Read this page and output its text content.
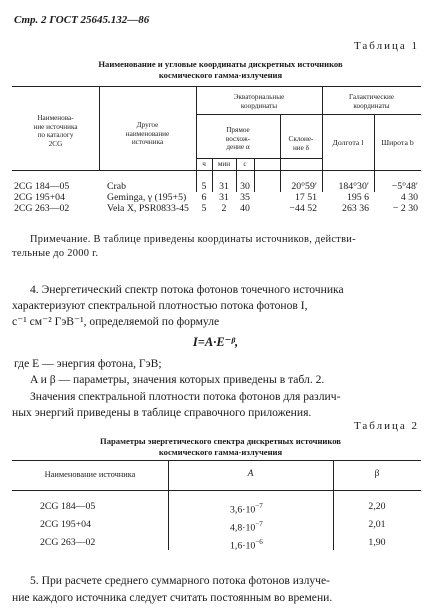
Стр. 2 ГОСТ 25645.132—86
Таблица 1
Наименование и угловые координаты дискретных источников
космического гамма-излучения
Наименова-
ние источника
по каталогу
2CG
Другое
наименование
источника
Экваториальные
координаты
Галактические
координаты
Прямое
восхож-
дение α
Склоне-
ние δ
Долгота l	Широта b
ч	мин	с
2CG 184—05	Crab	5	31	30	20°59′	184°30′	−5°48′
2CG 195+04	Geminga, γ (195+5)	6	31	35	17 51	195 6	4 30
2CG 263—02	Vela X, PSR0833-45	5	2	40	−44 52	263 36	− 2 30
Примечание. В таблице приведены координаты источников, действи-
тельные до 2000 г.
4. Энергетический спектр потока фотонов точечного источника
характеризуют спектральной плотностью потока фотонов I,
с⁻¹ см⁻² ГэВ⁻¹, определяемой по формуле
I=A·E⁻ᵝ,
где E — энергия фотона, ГэВ;
A и β — параметры, значения которых приведены в табл. 2.
Значения спектральной плотности потока фотонов для различ-
ных энергий приведены в таблице справочного приложения.
Таблица 2
Параметры энергетического спектра дискретных источников
космического гамма-излучения
Наименование источника	A	β
2CG 184—05	$3,6\cdot 10^{-7}$	2,20
2CG 195+04	$4,8\cdot 10^{-7}$	2,01
2CG 263—02	$1,6\cdot 10^{-6}$	1,90
5. При расчете среднего суммарного потока фотонов излуче-
ние каждого источника следует считать постоянным во времени.
